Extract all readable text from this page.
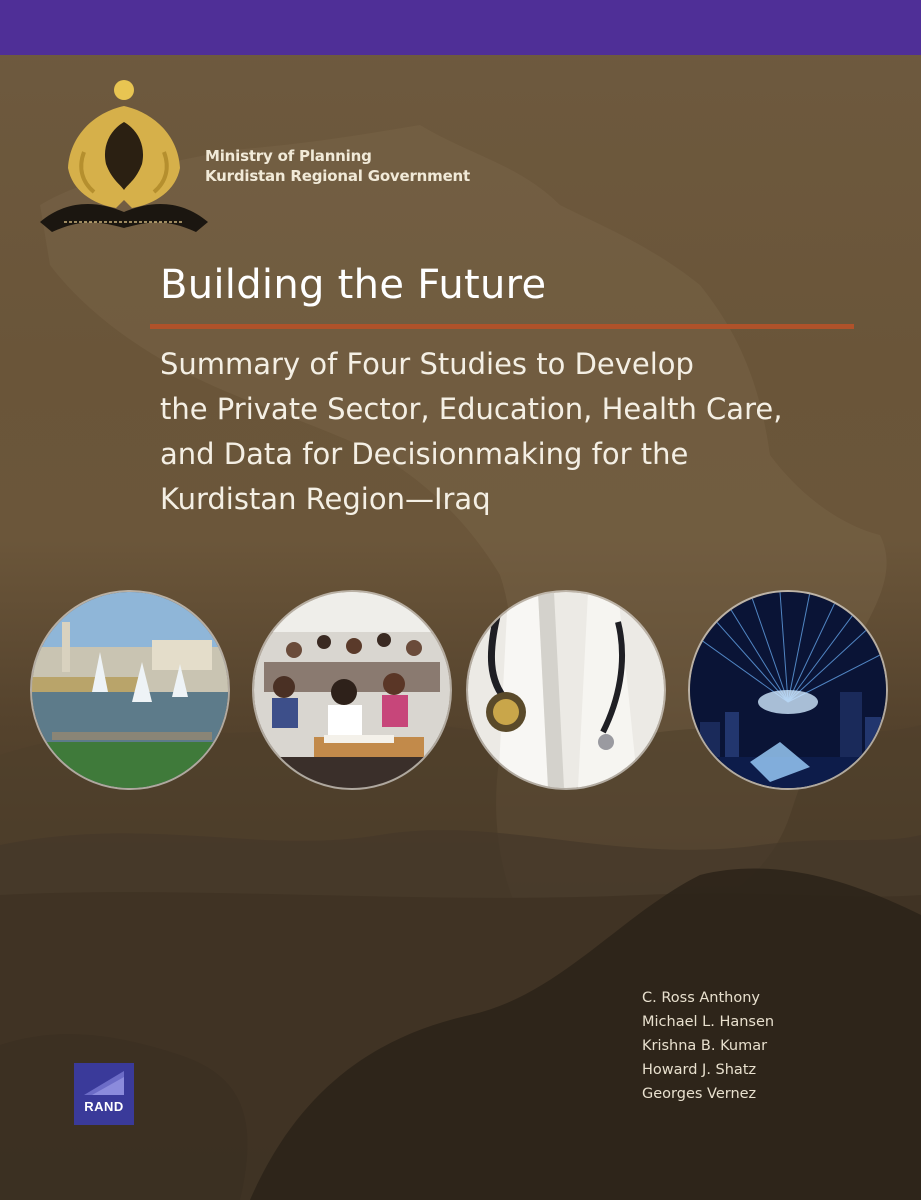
Ministry of Planning
Kurdistan Regional Government
Building the Future
Summary of Four Studies to Develop
the Private Sector, Education, Health Care,
and Data for Decisionmaking for the
Kurdistan Region—Iraq
C. Ross Anthony
Michael L. Hansen
Krishna B. Kumar
Howard J. Shatz
Georges Vernez
RAND
